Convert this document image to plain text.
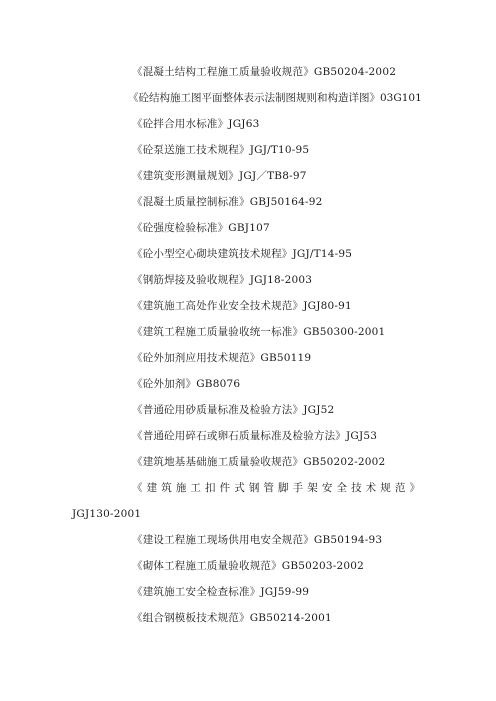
《混凝土结构工程施工质量验收规范》GB50204-2002
《砼结构施工图平面整体表示法制图规则和构造详图》03G101
《砼拌合用水标准》JGJ63
《砼泵送施工技术规程》JGJ/T10-95
《建筑变形测量规划》JGJ／TB8-97
《混凝土质量控制标准》GBJ50164-92
《砼强度检验标准》GBJ107
《砼小型空心砌块建筑技术规程》JGJ/T14-95
《钢筋焊接及验收规程》JGJ18-2003
《建筑施工高处作业安全技术规范》JGJ80-91
《建筑工程施工质量验收统一标准》GB50300-2001
《砼外加剂应用技术规范》GB50119
《砼外加剂》GB8076
《普通砼用砂质量标准及检验方法》JGJ52
《普通砼用碎石或卵石质量标准及检验方法》JGJ53
《建筑地基基础施工质量验收规范》GB50202-2002
《建筑施工扣件式钢管脚手架安全技术规范》
JGJ130-2001
《建设工程施工现场供用电安全规范》GB50194-93
《砌体工程施工质量验收规范》GB50203-2002
《建筑施工安全检查标准》JGJ59-99
《组合钢模板技术规范》GB50214-2001
